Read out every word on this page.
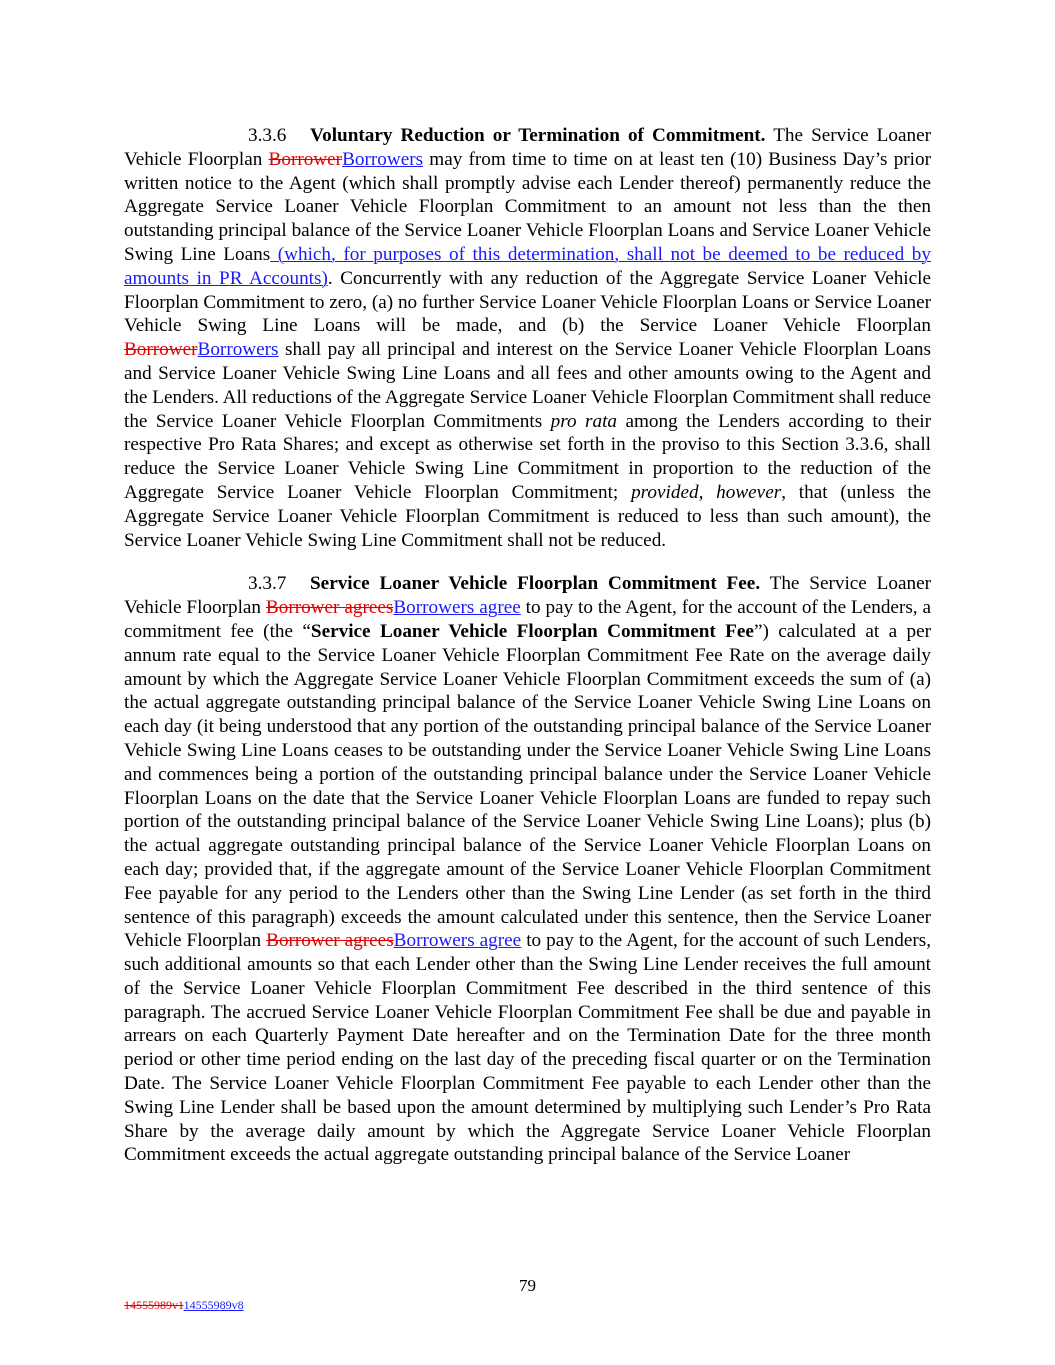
3.3.6 Voluntary Reduction or Termination of Commitment. The Service Loaner Vehicle Floorplan BorrowerBorrowers may from time to time on at least ten (10) Business Day’s prior written notice to the Agent (which shall promptly advise each Lender thereof) permanently reduce the Aggregate Service Loaner Vehicle Floorplan Commitment to an amount not less than the then outstanding principal balance of the Service Loaner Vehicle Floorplan Loans and Service Loaner Vehicle Swing Line Loans (which, for purposes of this determination, shall not be deemed to be reduced by amounts in PR Accounts). Concurrently with any reduction of the Aggregate Service Loaner Vehicle Floorplan Commitment to zero, (a) no further Service Loaner Vehicle Floorplan Loans or Service Loaner Vehicle Swing Line Loans will be made, and (b) the Service Loaner Vehicle Floorplan BorrowerBorrowers shall pay all principal and interest on the Service Loaner Vehicle Floorplan Loans and Service Loaner Vehicle Swing Line Loans and all fees and other amounts owing to the Agent and the Lenders. All reductions of the Aggregate Service Loaner Vehicle Floorplan Commitment shall reduce the Service Loaner Vehicle Floorplan Commitments pro rata among the Lenders according to their respective Pro Rata Shares; and except as otherwise set forth in the proviso to this Section 3.3.6, shall reduce the Service Loaner Vehicle Swing Line Commitment in proportion to the reduction of the Aggregate Service Loaner Vehicle Floorplan Commitment; provided, however, that (unless the Aggregate Service Loaner Vehicle Floorplan Commitment is reduced to less than such amount), the Service Loaner Vehicle Swing Line Commitment shall not be reduced.

3.3.7 Service Loaner Vehicle Floorplan Commitment Fee. The Service Loaner Vehicle Floorplan Borrower agreesBorrowers agree to pay to the Agent, for the account of the Lenders, a commitment fee (the “Service Loaner Vehicle Floorplan Commitment Fee”) calculated at a per annum rate equal to the Service Loaner Vehicle Floorplan Commitment Fee Rate on the average daily amount by which the Aggregate Service Loaner Vehicle Floorplan Commitment exceeds the sum of (a) the actual aggregate outstanding principal balance of the Service Loaner Vehicle Swing Line Loans on each day (it being understood that any portion of the outstanding principal balance of the Service Loaner Vehicle Swing Line Loans ceases to be outstanding under the Service Loaner Vehicle Swing Line Loans and commences being a portion of the outstanding principal balance under the Service Loaner Vehicle Floorplan Loans on the date that the Service Loaner Vehicle Floorplan Loans are funded to repay such portion of the outstanding principal balance of the Service Loaner Vehicle Swing Line Loans); plus (b) the actual aggregate outstanding principal balance of the Service Loaner Vehicle Floorplan Loans on each day; provided that, if the aggregate amount of the Service Loaner Vehicle Floorplan Commitment Fee payable for any period to the Lenders other than the Swing Line Lender (as set forth in the third sentence of this paragraph) exceeds the amount calculated under this sentence, then the Service Loaner Vehicle Floorplan Borrower agreesBorrowers agree to pay to the Agent, for the account of such Lenders, such additional amounts so that each Lender other than the Swing Line Lender receives the full amount of the Service Loaner Vehicle Floorplan Commitment Fee described in the third sentence of this paragraph. The accrued Service Loaner Vehicle Floorplan Commitment Fee shall be due and payable in arrears on each Quarterly Payment Date hereafter and on the Termination Date for the three month period or other time period ending on the last day of the preceding fiscal quarter or on the Termination Date. The Service Loaner Vehicle Floorplan Commitment Fee payable to each Lender other than the Swing Line Lender shall be based upon the amount determined by multiplying such Lender’s Pro Rata Share by the average daily amount by which the Aggregate Service Loaner Vehicle Floorplan Commitment exceeds the actual aggregate outstanding principal balance of the Service Loaner

79
14555989v114555989v8
